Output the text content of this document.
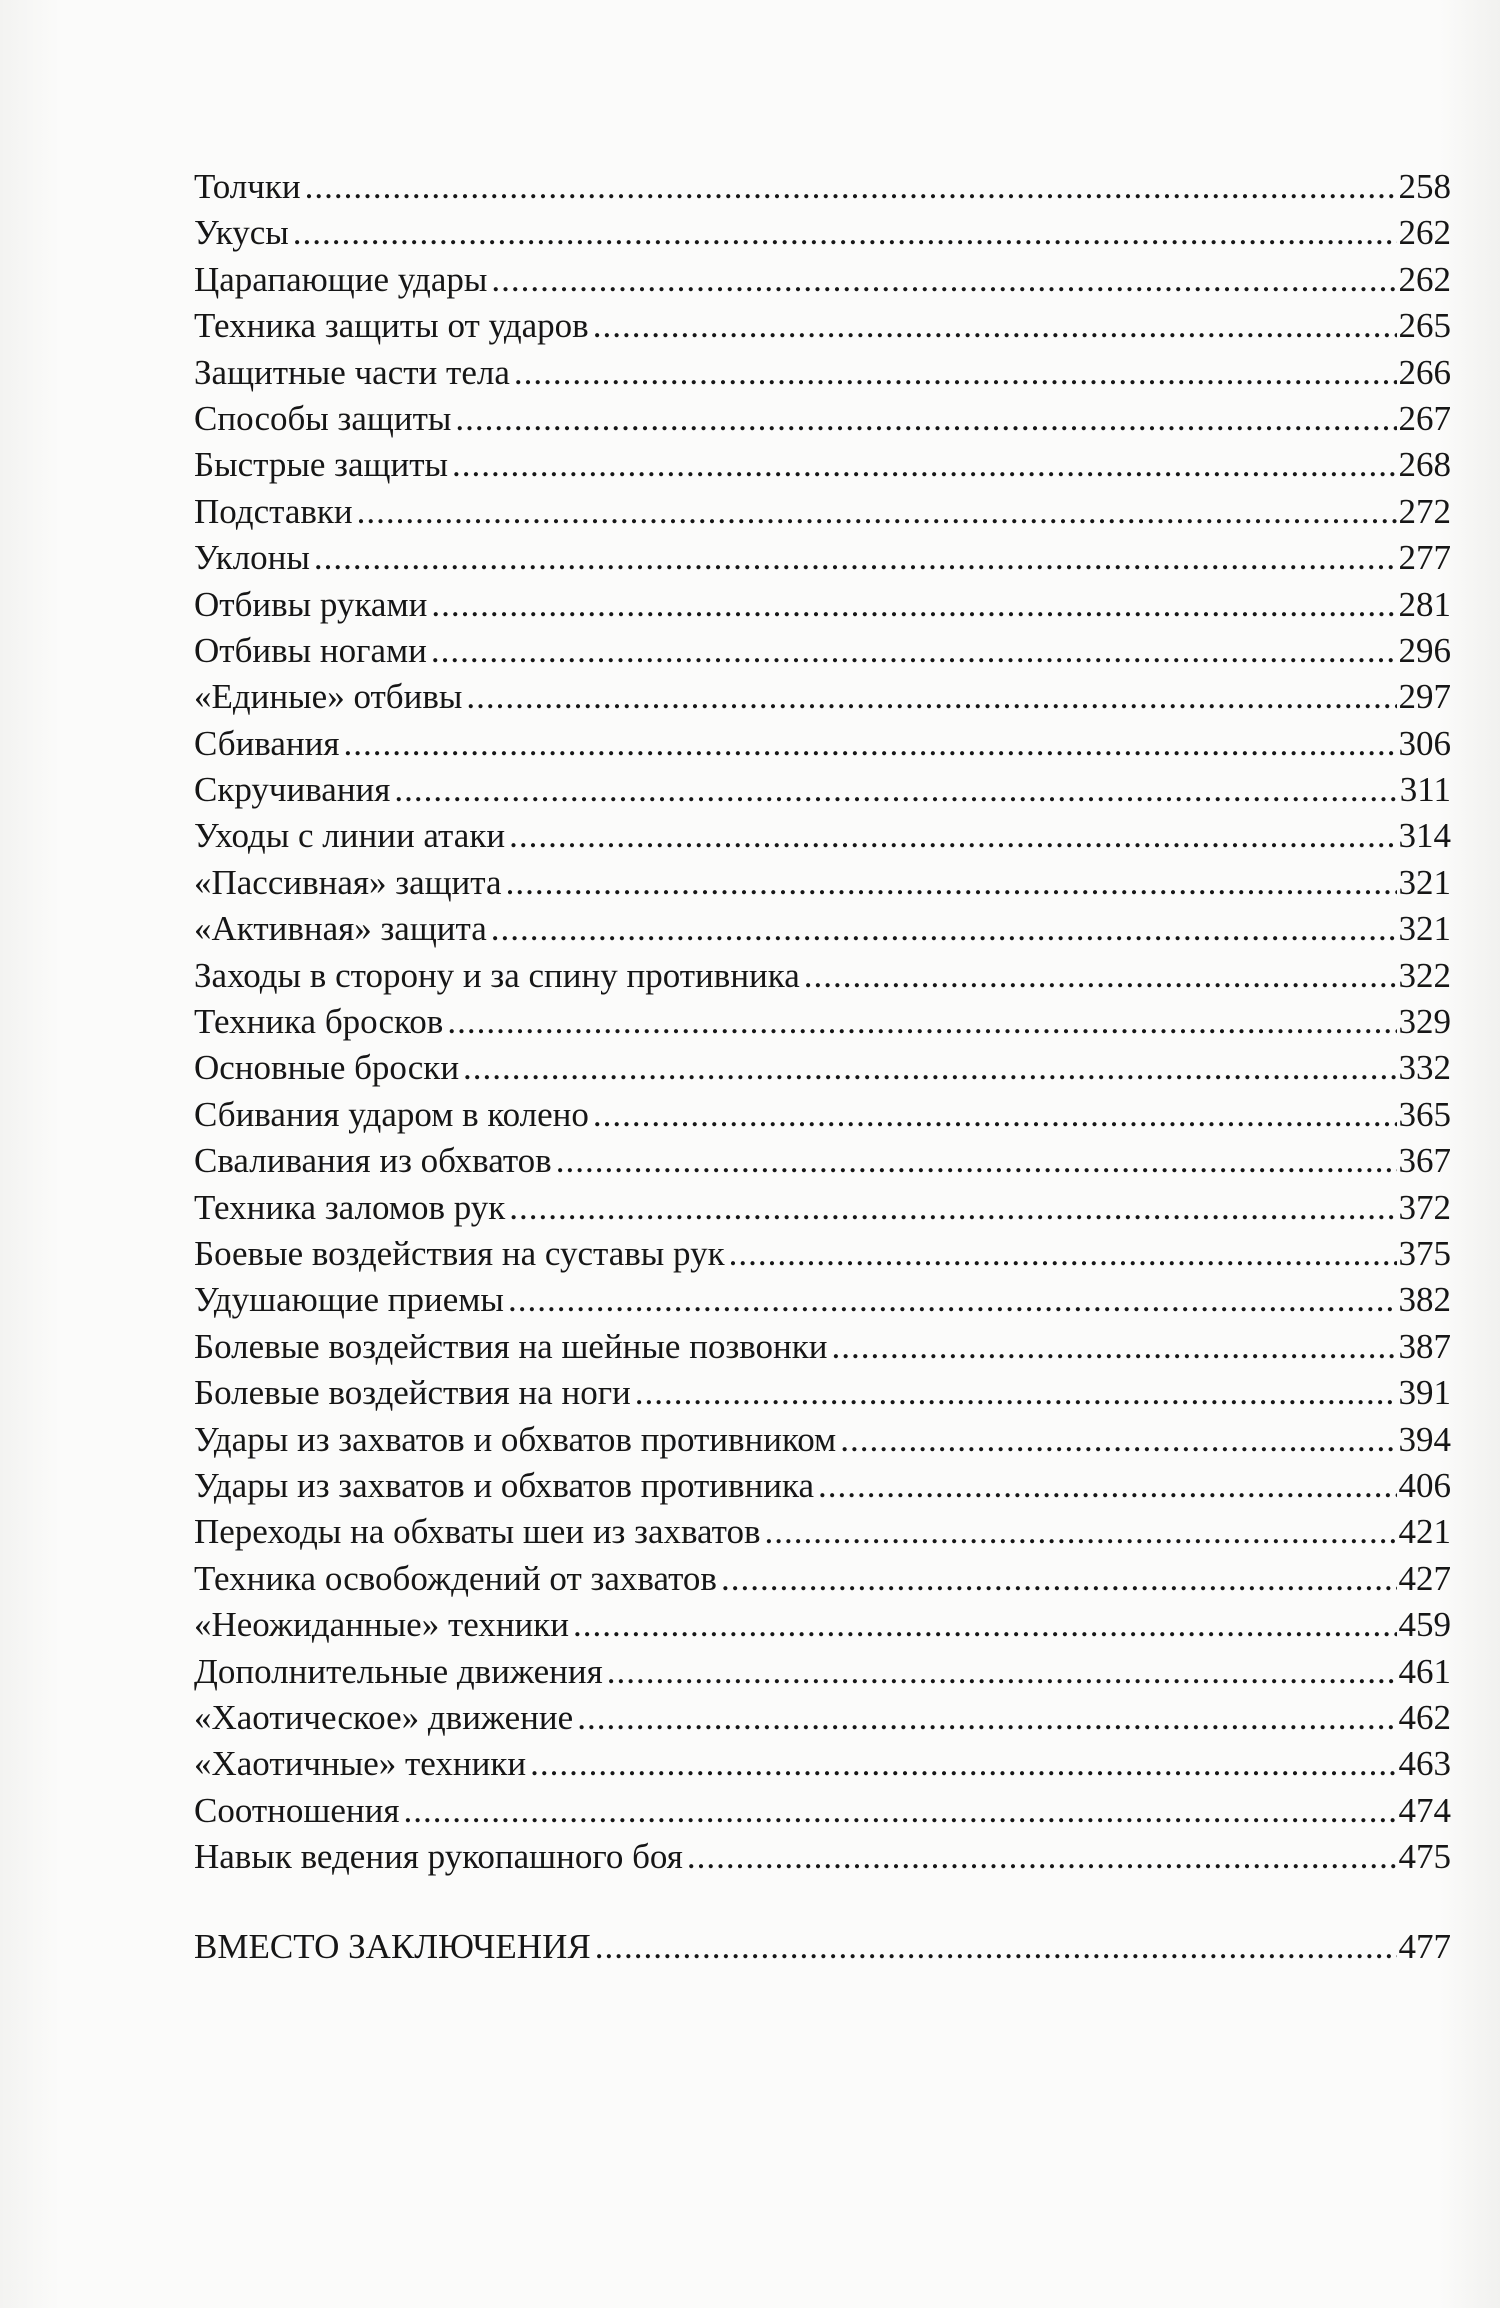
Толчки .....	258
Укусы .....	262
Царапающие удары .....	262
Техника защиты от ударов .....	265
Защитные части тела .....	266
Способы защиты .....	267
Быстрые защиты .....	268
Подставки .....	272
Уклоны .....	277
Отбивы руками .....	281
Отбивы ногами .....	296
«Единые» отбивы .....	297
Сбивания .....	306
Скручивания .....	311
Уходы с линии атаки .....	314
«Пассивная» защита .....	321
«Активная» защита .....	321
Заходы в сторону и за спину противника .....	322
Техника бросков .....	329
Основные броски .....	332
Сбивания ударом в колено .....	365
Сваливания из обхватов .....	367
Техника заломов рук .....	372
Боевые воздействия на суставы рук .....	375
Удушающие приемы .....	382
Болевые воздействия на шейные позвонки .....	387
Болевые воздействия на ноги .....	391
Удары из захватов и обхватов противником .....	394
Удары из захватов и обхватов противника .....	406
Переходы на обхваты шеи из захватов .....	421
Техника освобождений от захватов .....	427
«Неожиданные» техники .....	459
Дополнительные движения .....	461
«Хаотическое» движение .....	462
«Хаотичные» техники .....	463
Соотношения .....	474
Навык ведения рукопашного боя .....	475
ВМЕСТО ЗАКЛЮЧЕНИЯ .....	477
